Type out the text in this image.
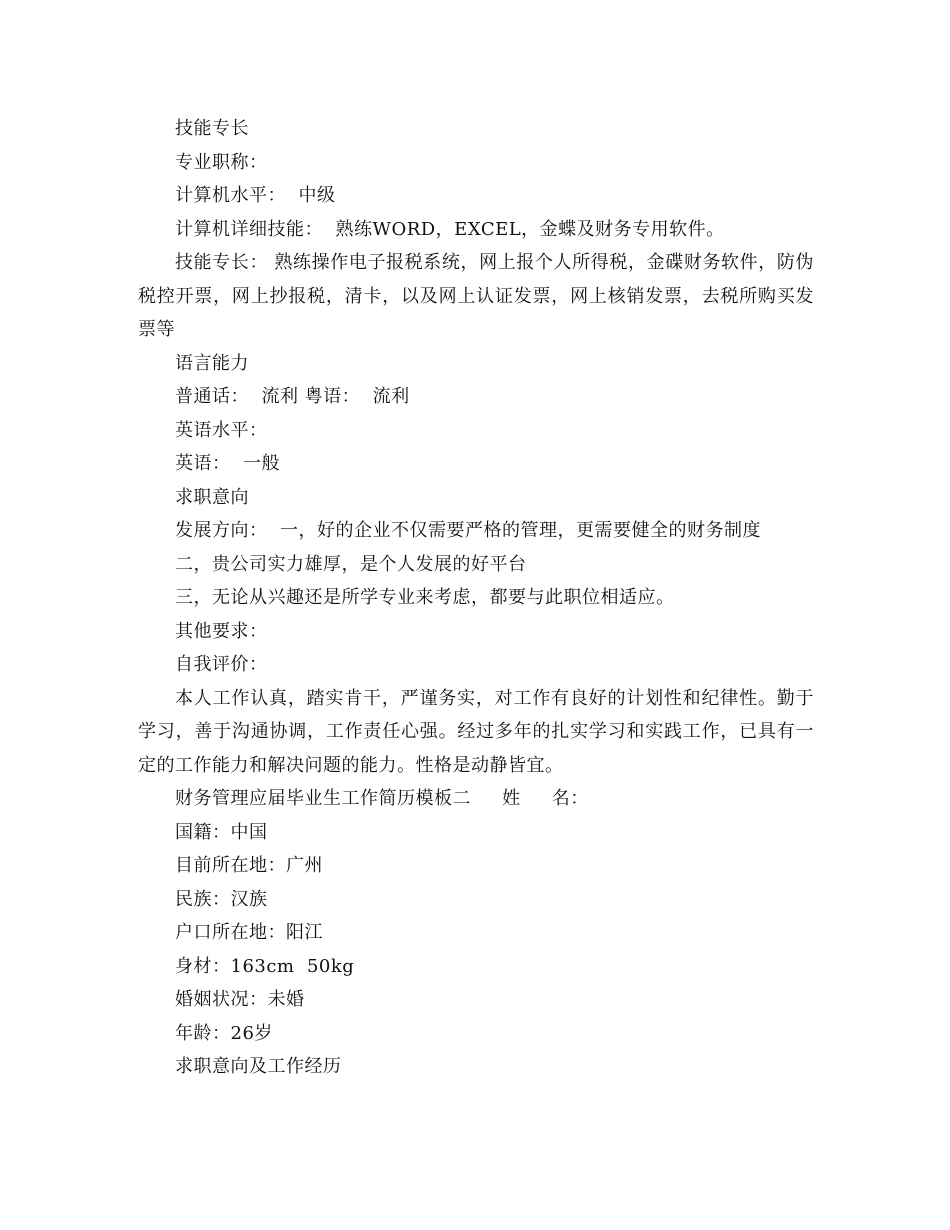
技能专长
专业职称：
计算机水平：  中级
计算机详细技能：  熟练WORD，EXCEL，金蝶及财务专用软件。
技能专长： 熟练操作电子报税系统，网上报个人所得税，金碟财务软件，防伪税控开票，网上抄报税，清卡，以及网上认证发票，网上核销发票，去税所购买发票等
语言能力
普通话：  流利 粤语：  流利
英语水平：
英语：  一般
求职意向
发展方向：  一，好的企业不仅需要严格的管理，更需要健全的财务制度
二，贵公司实力雄厚，是个人发展的好平台
三，无论从兴趣还是所学专业来考虑，都要与此职位相适应。
其他要求：
自我评价：
本人工作认真，踏实肯干，严谨务实，对工作有良好的计划性和纪律性。勤于学习，善于沟通协调，工作责任心强。经过多年的扎实学习和实践工作，已具有一定的工作能力和解决问题的能力。性格是动静皆宜。
财务管理应届毕业生工作简历模板二     姓     名：
国籍：中国
目前所在地：广州
民族：汉族
户口所在地：阳江
身材：163cm  50kg
婚姻状况：未婚
年龄：26岁
求职意向及工作经历
